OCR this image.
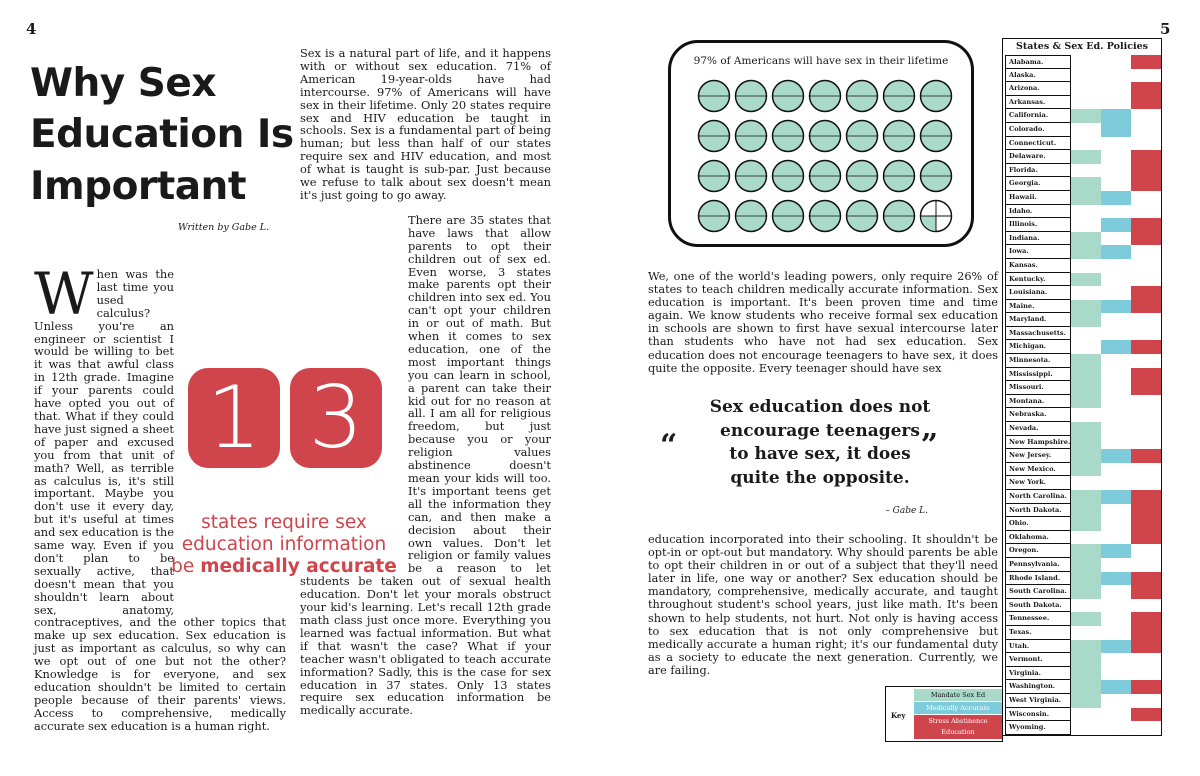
4
Why Sex
Education Is
Important
Written by Gabe L.
W hen was the last time you used calculus? Unless you're an engineer or scientist I would be willing to bet it was that awful class in 12th grade. Imagine if your parents could have opted you out of that. What if they could have just signed a sheet of paper and excused you from that unit of math? Well, as terrible as calculus is, it's still important. Maybe you don't use it every day, but it's useful at times and sex education is the same way. Even if you don't plan to be sexually active, that doesn't mean that you shouldn't learn about sex, anatomy, contraceptives, and the other topics that make up sex education. Sex education is just as important as calculus, so why can we opt out of one but not the other? Knowledge is for everyone, and sex education shouldn't be limited to certain people because of their parents' views. Access to comprehensive, medically accurate sex education is a human right.

Sex is a natural part of life, and it happens with or without sex education. 71% of American 19-year-olds have had intercourse. 97% of Americans will have sex in their lifetime. Only 20 states require sex and HIV education be taught in schools. Sex is a fundamental part of being human; but less than half of our states require sex and HIV education, and most of what is taught is sub-par. Just because we refuse to talk about sex doesn't mean it's just going to go away.

There are 35 states that have laws that allow parents to opt their children out of sex ed. Even worse, 3 states make parents opt their children into sex ed. You can't opt your children in or out of math. But when it comes to sex education, one of the most important things you can learn in school, a parent can take their kid out for no reason at all. I am all for religious freedom, but just because you or your religion values abstinence doesn't mean your kids will too. It's important teens get all the information they can, and then make a decision about their own values. Don't let religion or family values be a reason to let students be taken out of sexual health education. Don't let your morals obstruct your kid's learning. Let's recall 12th grade math class just once more. Everything you learned was factual information. But what if that wasn't the case? What if your teacher wasn't obligated to teach accurate information? Sadly, this is the case for sex education in 37 states. Only 13 states require sex education information be medically accurate.

1 3
states require sex
education information
be medically accurate
5
97% of Americans will have sex in their lifetime
We, one of the world's leading powers, only require 26% of states to teach children medically accurate information. Sex education is important. It's been proven time and time again. We know students who receive formal sex education in schools are shown to first have sexual intercourse later than students who have not had sex education. Sex education does not encourage teenagers to have sex, it does quite the opposite. Every teenager should have sex
“
Sex education does not encourage teenagers to have sex, it does quite the opposite.
”
– Gabe L.
education incorporated into their schooling. It shouldn't be opt-in or opt-out but mandatory. Why should parents be able to opt their children in or out of a subject that they'll need later in life, one way or another? Sex education should be mandatory, comprehensive, medically accurate, and taught throughout student's school years, just like math. It's been shown to help students, not hurt. Not only is having access to sex education that is not only comprehensive but medically accurate a human right; it's our fundamental duty as a society to educate the next generation. Currently, we are failing.
States & Sex Ed. Policies
Alabama.
Alaska.
Arizona.
Arkansas.
California.
Colorado.
Connecticut.
Delaware.
Florida.
Georgia.
Hawaii.
Idaho.
Illinois.
Indiana.
Iowa.
Kansas.
Kentucky.
Louisiana.
Maine.
Maryland.
Massachusetts.
Michigan.
Minnesota.
Mississippi.
Missouri.
Montana.
Nebraska.
Nevada.
New Hampshire.
New Jersey.
New Mexico.
New York.
North Carolina.
North Dakota.
Ohio.
Oklahoma.
Oregon.
Pennsylvania.
Rhode Island.
South Carolina.
South Dakota.
Tennessee.
Texas.
Utah.
Vermont.
Virginia.
Washington.
West Virginia.
Wisconsin.
Wyoming.
Key
Mandate Sex Ed
Medically Accurate
Stress Abstinence Education
